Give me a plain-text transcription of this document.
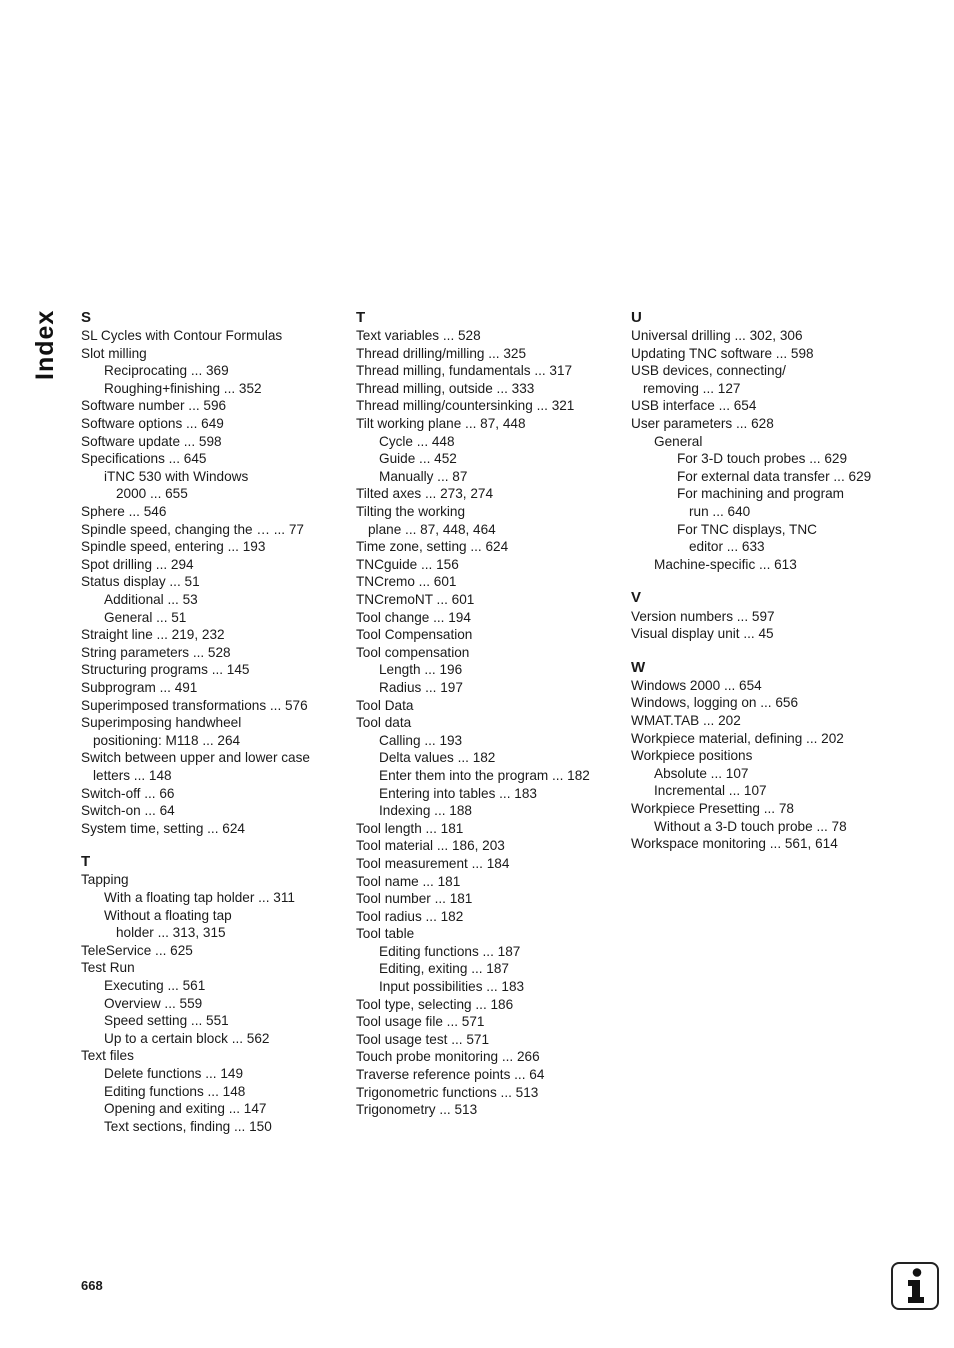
Index S
SL Cycles with Contour Formulas
Slot milling
Reciprocating ... 369
Roughing+finishing ... 352
Software number ... 596
Software options ... 649
Software update ... 598
Specifications ... 645
iTNC 530 with Windows
2000 ... 655
Sphere ... 546
Spindle speed, changing the … ... 77
Spindle speed, entering ... 193
Spot drilling ... 294
Status display ... 51
Additional ... 53
General ... 51
Straight line ... 219, 232
String parameters ... 528
Structuring programs ... 145
Subprogram ... 491
Superimposed transformations ... 576
Superimposing handwheel
positioning: M118 ... 264
Switch between upper and lower case
letters ... 148
Switch-off ... 66
Switch-on ... 64
System time, setting ... 624
T
Tapping
With a floating tap holder ... 311
Without a floating tap
holder ... 313, 315
TeleService ... 625
Test Run
Executing ... 561
Overview ... 559
Speed setting ... 551
Up to a certain block ... 562
Text files
Delete functions ... 149
Editing functions ... 148
Opening and exiting ... 147
Text sections, finding ... 150
T
Text variables ... 528
Thread drilling/milling ... 325
Thread milling, fundamentals ... 317
Thread milling, outside ... 333
Thread milling/countersinking ... 321
Tilt working plane ... 87, 448
Cycle ... 448
Guide ... 452
Manually ... 87
Tilted axes ... 273, 274
Tilting the working
plane ... 87, 448, 464
Time zone, setting ... 624
TNCguide ... 156
TNCremo ... 601
TNCremoNT ... 601
Tool change ... 194
Tool Compensation
Tool compensation
Length ... 196
Radius ... 197
Tool Data
Tool data
Calling ... 193
Delta values ... 182
Enter them into the program ... 182
Entering into tables ... 183
Indexing ... 188
Tool length ... 181
Tool material ... 186, 203
Tool measurement ... 184
Tool name ... 181
Tool number ... 181
Tool radius ... 182
Tool table
Editing functions ... 187
Editing, exiting ... 187
Input possibilities ... 183
Tool type, selecting ... 186
Tool usage file ... 571
Tool usage test ... 571
Touch probe monitoring ... 266
Traverse reference points ... 64
Trigonometric functions ... 513
Trigonometry ... 513
U
Universal drilling ... 302, 306
Updating TNC software ... 598
USB devices, connecting/
removing ... 127
USB interface ... 654
User parameters ... 628
General
For 3-D touch probes ... 629
For external data transfer ... 629
For machining and program
run ... 640
For TNC displays, TNC
editor ... 633
Machine-specific ... 613
V
Version numbers ... 597
Visual display unit ... 45
W
Windows 2000 ... 654
Windows, logging on ... 656
WMAT.TAB ... 202
Workpiece material, defining ... 202
Workpiece positions
Absolute ... 107
Incremental ... 107
Workpiece Presetting ... 78
Without a 3-D touch probe ... 78
Workspace monitoring ... 561, 614
668
